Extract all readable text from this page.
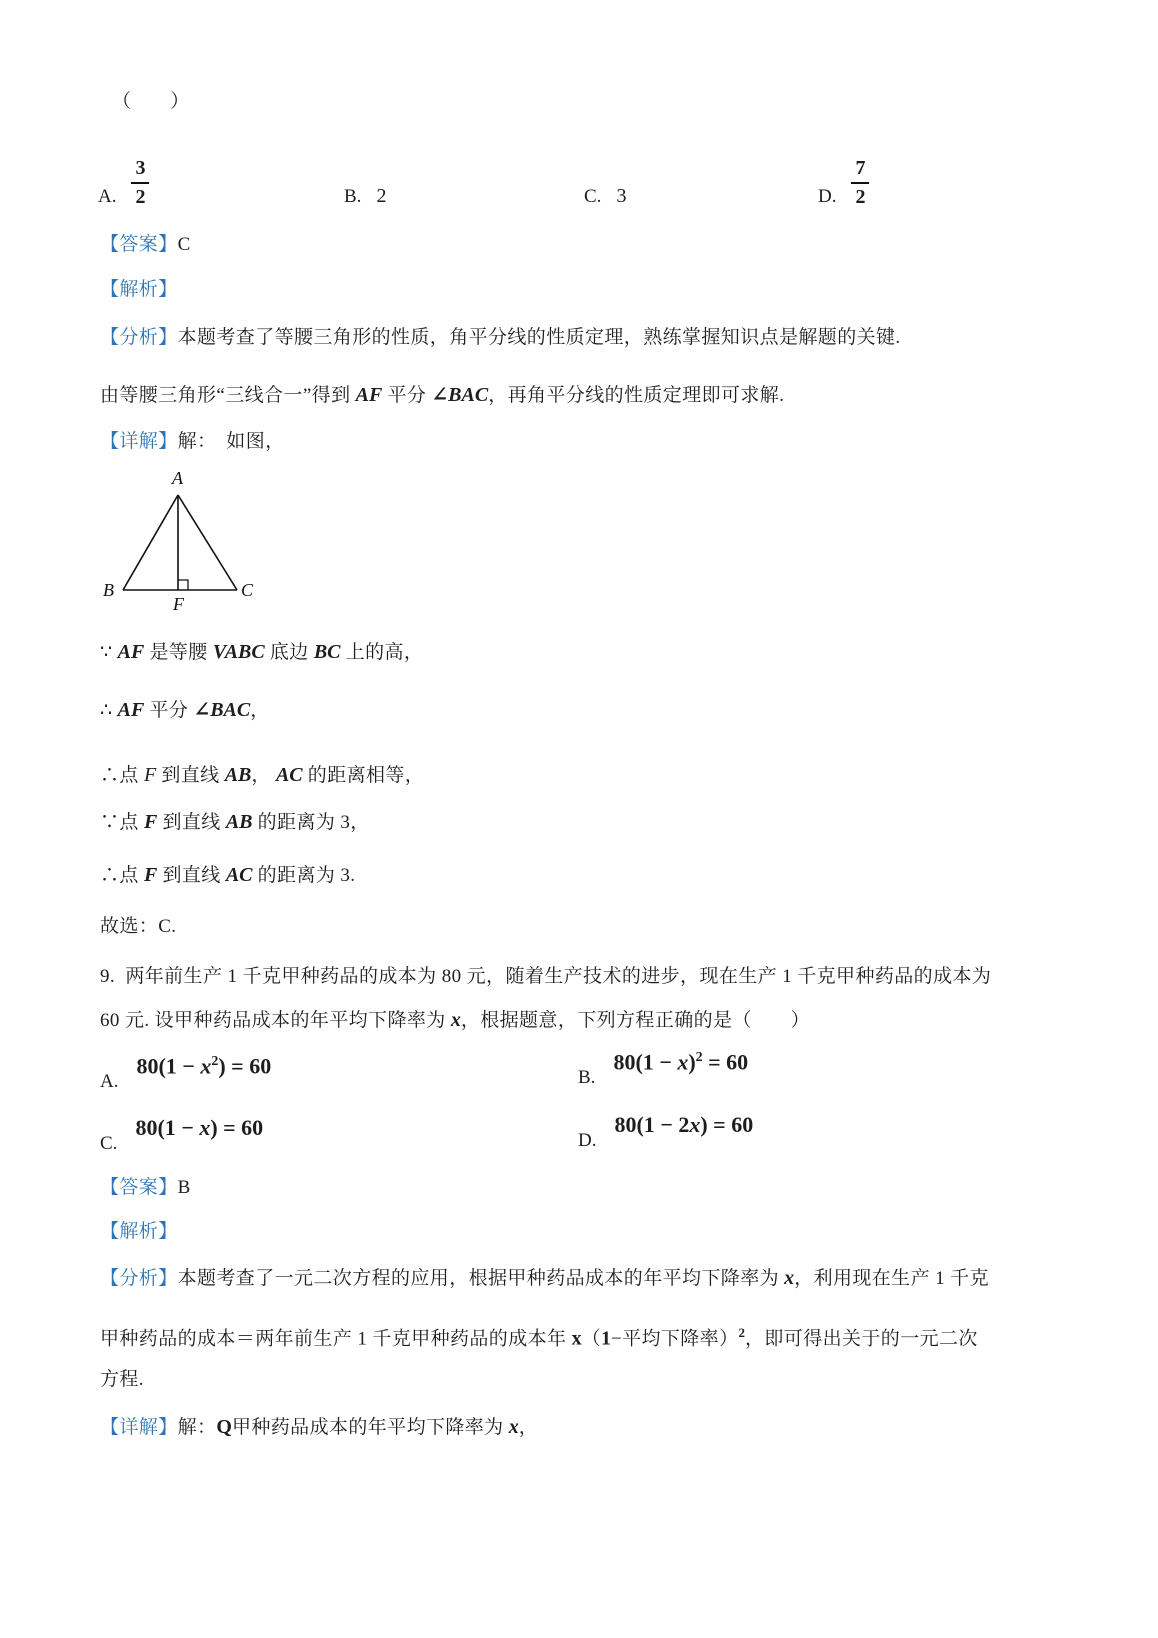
（　　）
A. $\frac{3}{2}$	B. 2	C. 3	D. $\frac{7}{2}$
【答案】C
【解析】
【分析】本题考查了等腰三角形的性质，角平分线的性质定理，熟练掌握知识点是解题的关键.
由等腰三角形“三线合一”得到 AF 平分 ∠BAC，再角平分线的性质定理即可求解.
【详解】解：　如图，
A
B	C
F
∵ AF 是等腰 VABC 底边 BC 上的高，
∴ AF 平分 ∠BAC，
∴点 F 到直线 AB， AC 的距离相等，
∵点 F 到直线 AB 的距离为 3，
∴点 F 到直线 AC 的距离为 3.
故选：C.
9.  两年前生产 1 千克甲种药品的成本为 80 元，随着生产技术的进步，现在生产 1 千克甲种药品的成本为
60 元. 设甲种药品成本的年平均下降率为 x，根据题意，下列方程正确的是（　　）
A.
$80(1 - x^2) = 60$	B.
$80(1 - x)^2 = 60$
C.
80(1 − x) = 60
D.
80(1 − 2x) = 60
【答案】B
【解析】
【分析】本题考查了一元二次方程的应用，根据甲种药品成本的年平均下降率为 x，利用现在生产 1 千克
甲种药品的成本＝两年前生产 1 千克甲种药品的成本年 x（1−平均下降率）$^2$，即可得出关于的一元二次
方程.
【详解】解：Q甲种药品成本的年平均下降率为 x，
